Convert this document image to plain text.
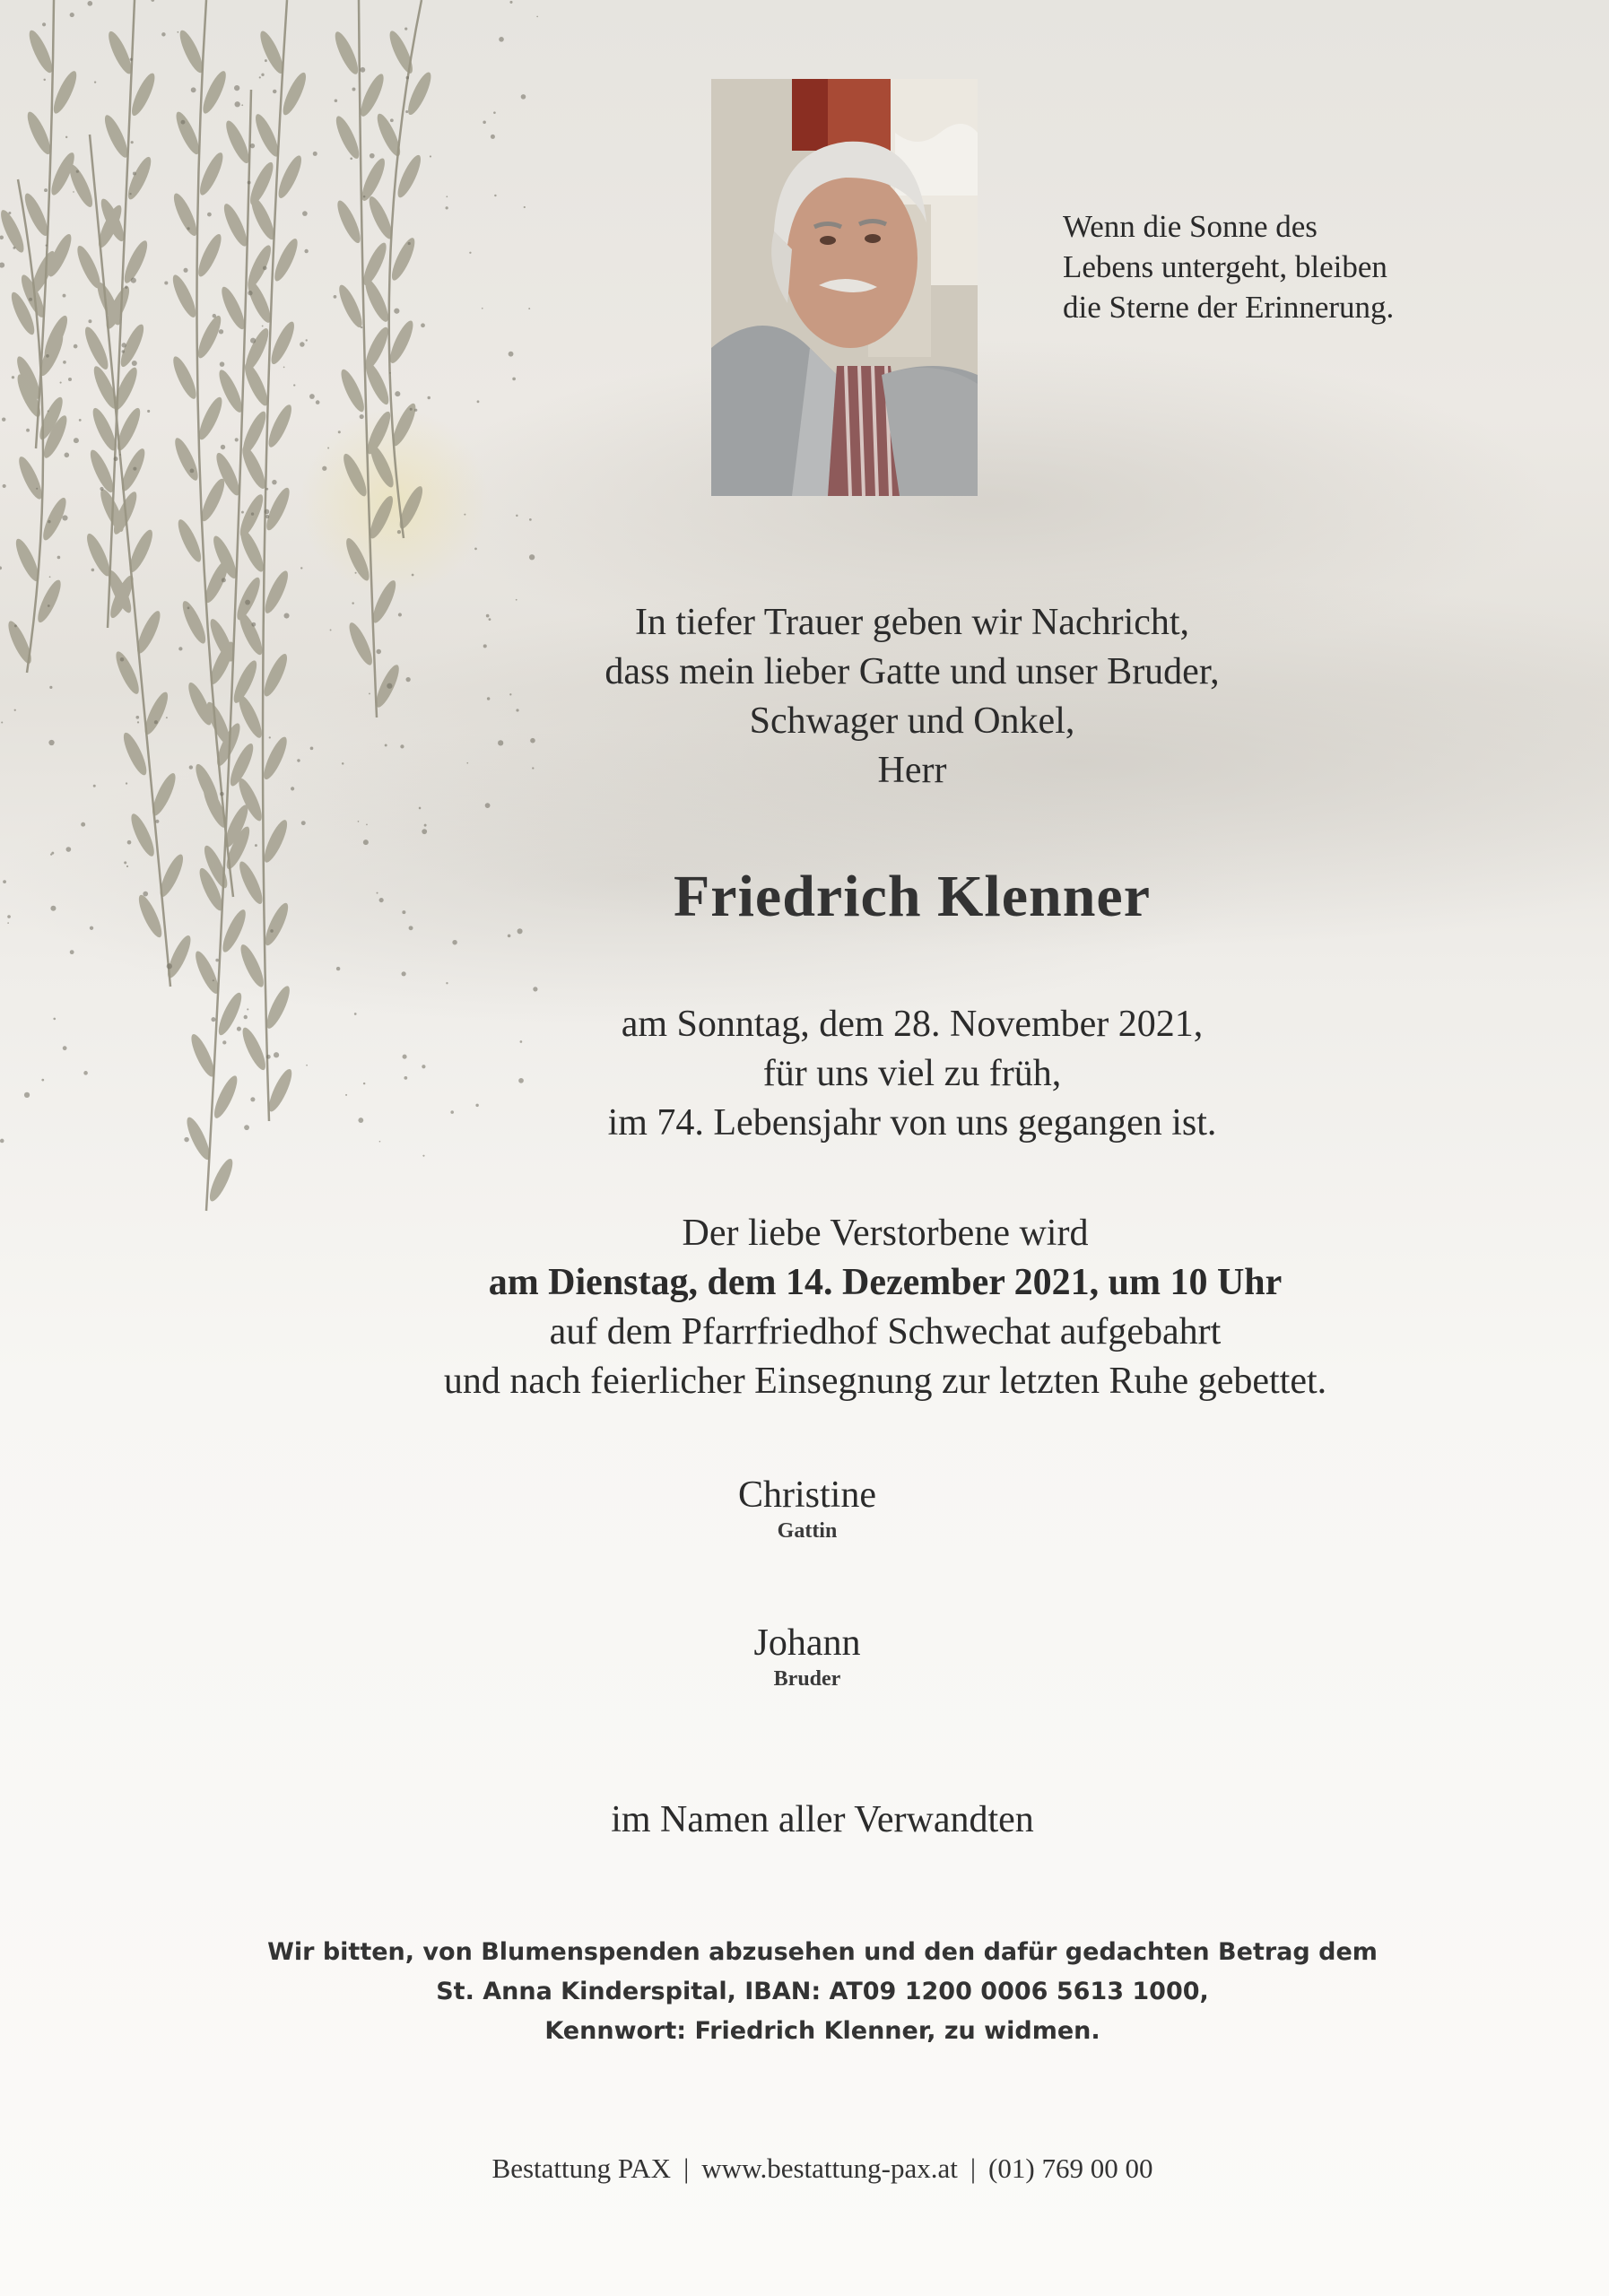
Wenn die Sonne des
Lebens untergeht, bleiben
die Sterne der Erinnerung.
In tiefer Trauer geben wir Nachricht,
dass mein lieber Gatte und unser Bruder,
Schwager und Onkel,
Herr
Friedrich Klenner
am Sonntag, dem 28. November 2021,
für uns viel zu früh,
im 74. Lebensjahr von uns gegangen ist.
Der liebe Verstorbene wird
am Dienstag, dem 14. Dezember 2021, um 10 Uhr
auf dem Pfarrfriedhof Schwechat aufgebahrt
und nach feierlicher Einsegnung zur letzten Ruhe gebettet.
Christine
Gattin
Johann
Bruder
im Namen aller Verwandten
Wir bitten, von Blumenspenden abzusehen und den dafür gedachten Betrag dem
St. Anna Kinderspital, IBAN: AT09 1200 0006 5613 1000,
Kennwort: Friedrich Klenner, zu widmen.
Bestattung PAX | www.bestattung-pax.at | (01) 769 00 00
